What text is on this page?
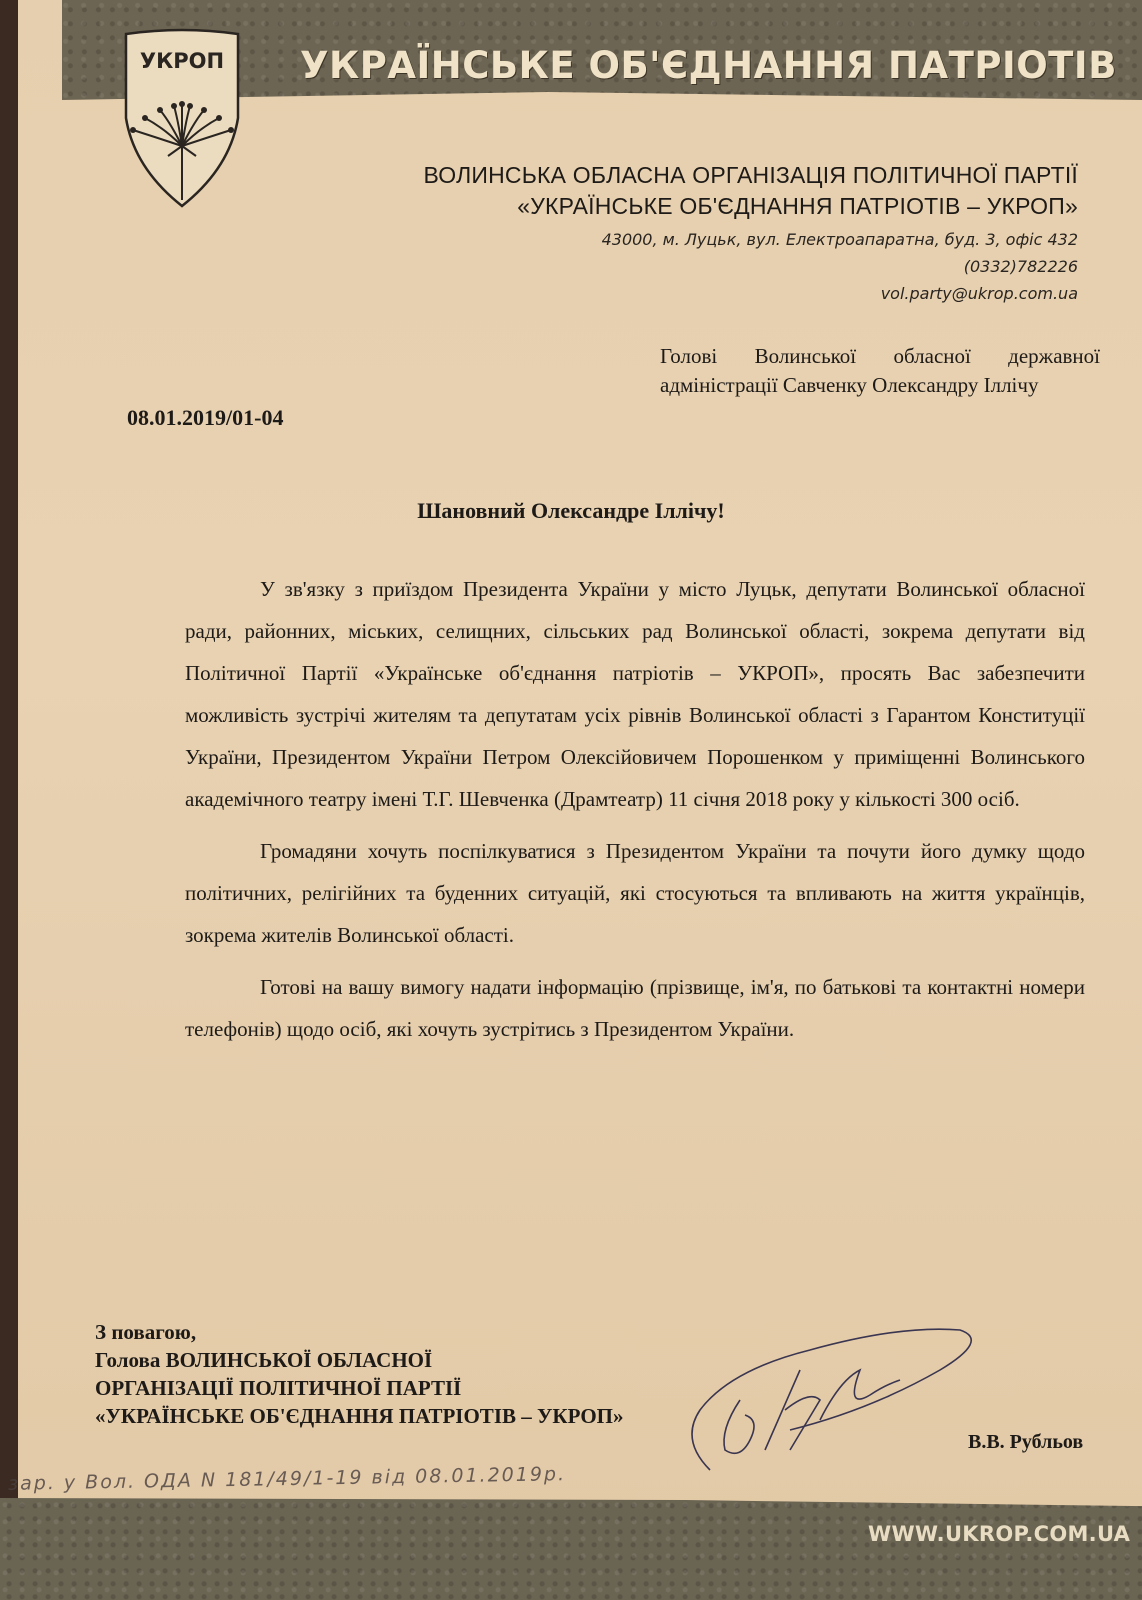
УКРАЇНСЬКЕ ОБ'ЄДНАННЯ ПАТРІОТІВ
УКРОП
ВОЛИНСЬКА ОБЛАСНА ОРГАНІЗАЦІЯ ПОЛІТИЧНОЇ ПАРТІЇ
«УКРАЇНСЬКЕ ОБ'ЄДНАННЯ ПАТРІОТІВ – УКРОП»
43000, м. Луцьк, вул. Електроапаратна, буд. 3, офіс 432
(0332)782226
vol.party@ukrop.com.ua
Голові Волинської обласної державної адміністрації Савченку Олександру Іллічу
08.01.2019/01-04
Шановний Олександре Іллічу!

У зв'язку з приїздом Президента України у місто Луцьк, депутати Волинської обласної ради, районних, міських, селищних, сільських рад Волинської області, зокрема депутати від Політичної Партії «Українське об'єднання патріотів – УКРОП», просять Вас забезпечити можливість зустрічі жителям та депутатам усіх рівнів Волинської області з Гарантом Конституції України, Президентом України Петром Олексійовичем Порошенком у приміщенні Волинського академічного театру імені Т.Г. Шевченка (Драмтеатр) 11 січня 2018 року у кількості 300 осіб.

Громадяни хочуть поспілкуватися з Президентом України та почути його думку щодо політичних, релігійних та буденних ситуацій, які стосуються та впливають на життя українців, зокрема жителів Волинської області.

Готові на вашу вимогу надати інформацію (прізвище, ім'я, по батькові та контактні номери телефонів) щодо осіб, які хочуть зустрітись з Президентом України.

З повагою,
Голова ВОЛИНСЬКОЇ ОБЛАСНОЇ
ОРГАНІЗАЦІЇ ПОЛІТИЧНОЇ ПАРТІЇ
«УКРАЇНСЬКЕ ОБ'ЄДНАННЯ ПАТРІОТІВ – УКРОП»
В.В. Рубльов
зар. у Вол. ОДА N 181/49/1-19 від 08.01.2019р.
WWW.UKROP.COM.UA
